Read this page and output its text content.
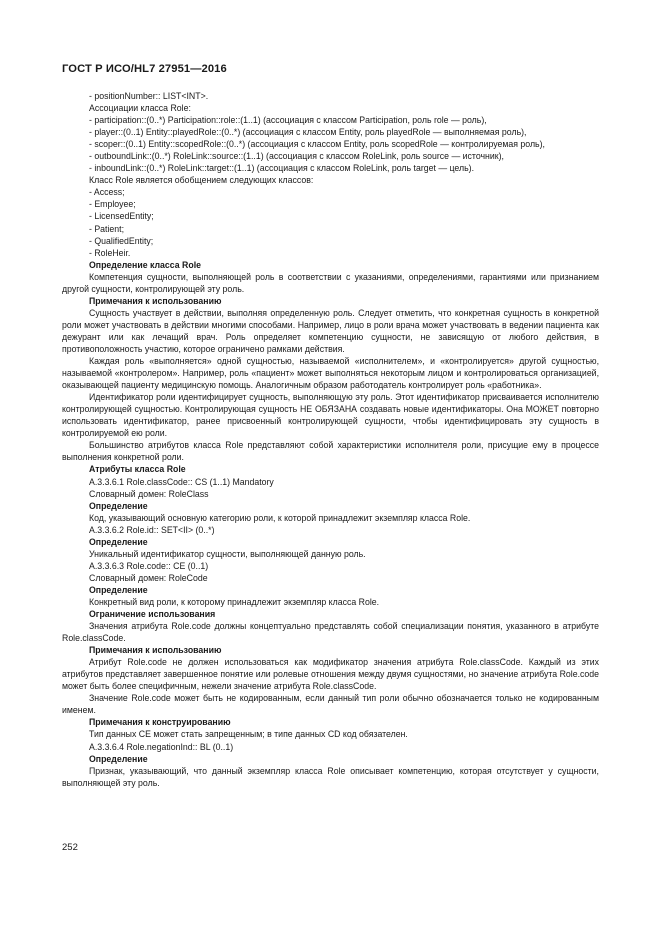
ГОСТ Р ИСО/HL7 27951—2016

- positionNumber:: LIST<INT>.

Ассоциации класса Role:

- participation::(0..*) Participation::role::(1..1) (ассоциация с классом Participation, роль role — роль),

- player::(0..1) Entity::playedRole::(0..*) (ассоциация с классом Entity, роль playedRole — выполняемая роль),

- scoper::(0..1) Entity::scopedRole::(0..*) (ассоциация с классом Entity, роль scopedRole — контролируемая роль),

- outboundLink::(0..*) RoleLink::source::(1..1) (ассоциация с классом RoleLink, роль source — источник),

- inboundLink::(0..*) RoleLink::target::(1..1) (ассоциация с классом RoleLink, роль target — цель).

Класс Role является обобщением следующих классов:

- Access;

- Employee;

- LicensedEntity;

- Patient;

- QualifiedEntity;

- RoleHeir.

Определение класса Role

Компетенция сущности, выполняющей роль в соответствии с указаниями, определениями, гарантиями или признанием другой сущности, контролирующей эту роль.

Примечания к использованию

Сущность участвует в действии, выполняя определенную роль. Следует отметить, что конкретная сущность в конкретной роли может участвовать в действии многими способами. Например, лицо в роли врача может участвовать в ведении пациента как дежурант или как лечащий врач. Роль определяет компетенцию сущности, не зависящую от любого действия, в противоположность участию, которое ограничено рамками действия.

Каждая роль «выполняется» одной сущностью, называемой «исполнителем», и «контролируется» другой сущностью, называемой «контролером». Например, роль «пациент» может выполняться некоторым лицом и контролироваться организацией, оказывающей пациенту медицинскую помощь. Аналогичным образом работодатель контролирует роль «работника».

Идентификатор роли идентифицирует сущность, выполняющую эту роль. Этот идентификатор присваивается исполнителю контролирующей сущностью. Контролирующая сущность НЕ ОБЯЗАНА создавать новые идентификаторы. Она МОЖЕТ повторно использовать идентификатор, ранее присвоенный контролирующей сущности, чтобы идентифицировать эту сущность в контролируемой ею роли.

Большинство атрибутов класса Role представляют собой характеристики исполнителя роли, присущие ему в процессе выполнения конкретной роли.

Атрибуты класса Role

A.3.3.6.1 Role.classCode:: CS (1..1) Mandatory

Словарный домен: RoleClass

Определение

Код, указывающий основную категорию роли, к которой принадлежит экземпляр класса Role.

A.3.3.6.2 Role.id:: SET<II> (0..*)

Определение

Уникальный идентификатор сущности, выполняющей данную роль.

A.3.3.6.3 Role.code:: CE (0..1)

Словарный домен: RoleCode

Определение

Конкретный вид роли, к которому принадлежит экземпляр класса Role.

Ограничение использования

Значения атрибута Role.code должны концептуально представлять собой специализации понятия, указанного в атрибуте Role.classCode.

Примечания к использованию

Атрибут Role.code не должен использоваться как модификатор значения атрибута Role.classCode. Каждый из этих атрибутов представляет завершенное понятие или ролевые отношения между двумя сущностями, но значение атрибута Role.code может быть более специфичным, нежели значение атрибута Role.classCode.

Значение Role.code может быть не кодированным, если данный тип роли обычно обозначается только не кодированным именем.

Примечания к конструированию

Тип данных CE может стать запрещенным; в типе данных CD код обязателен.

A.3.3.6.4 Role.negationInd:: BL (0..1)

Определение

Признак, указывающий, что данный экземпляр класса Role описывает компетенцию, которая отсутствует у сущности, выполняющей эту роль.

252
